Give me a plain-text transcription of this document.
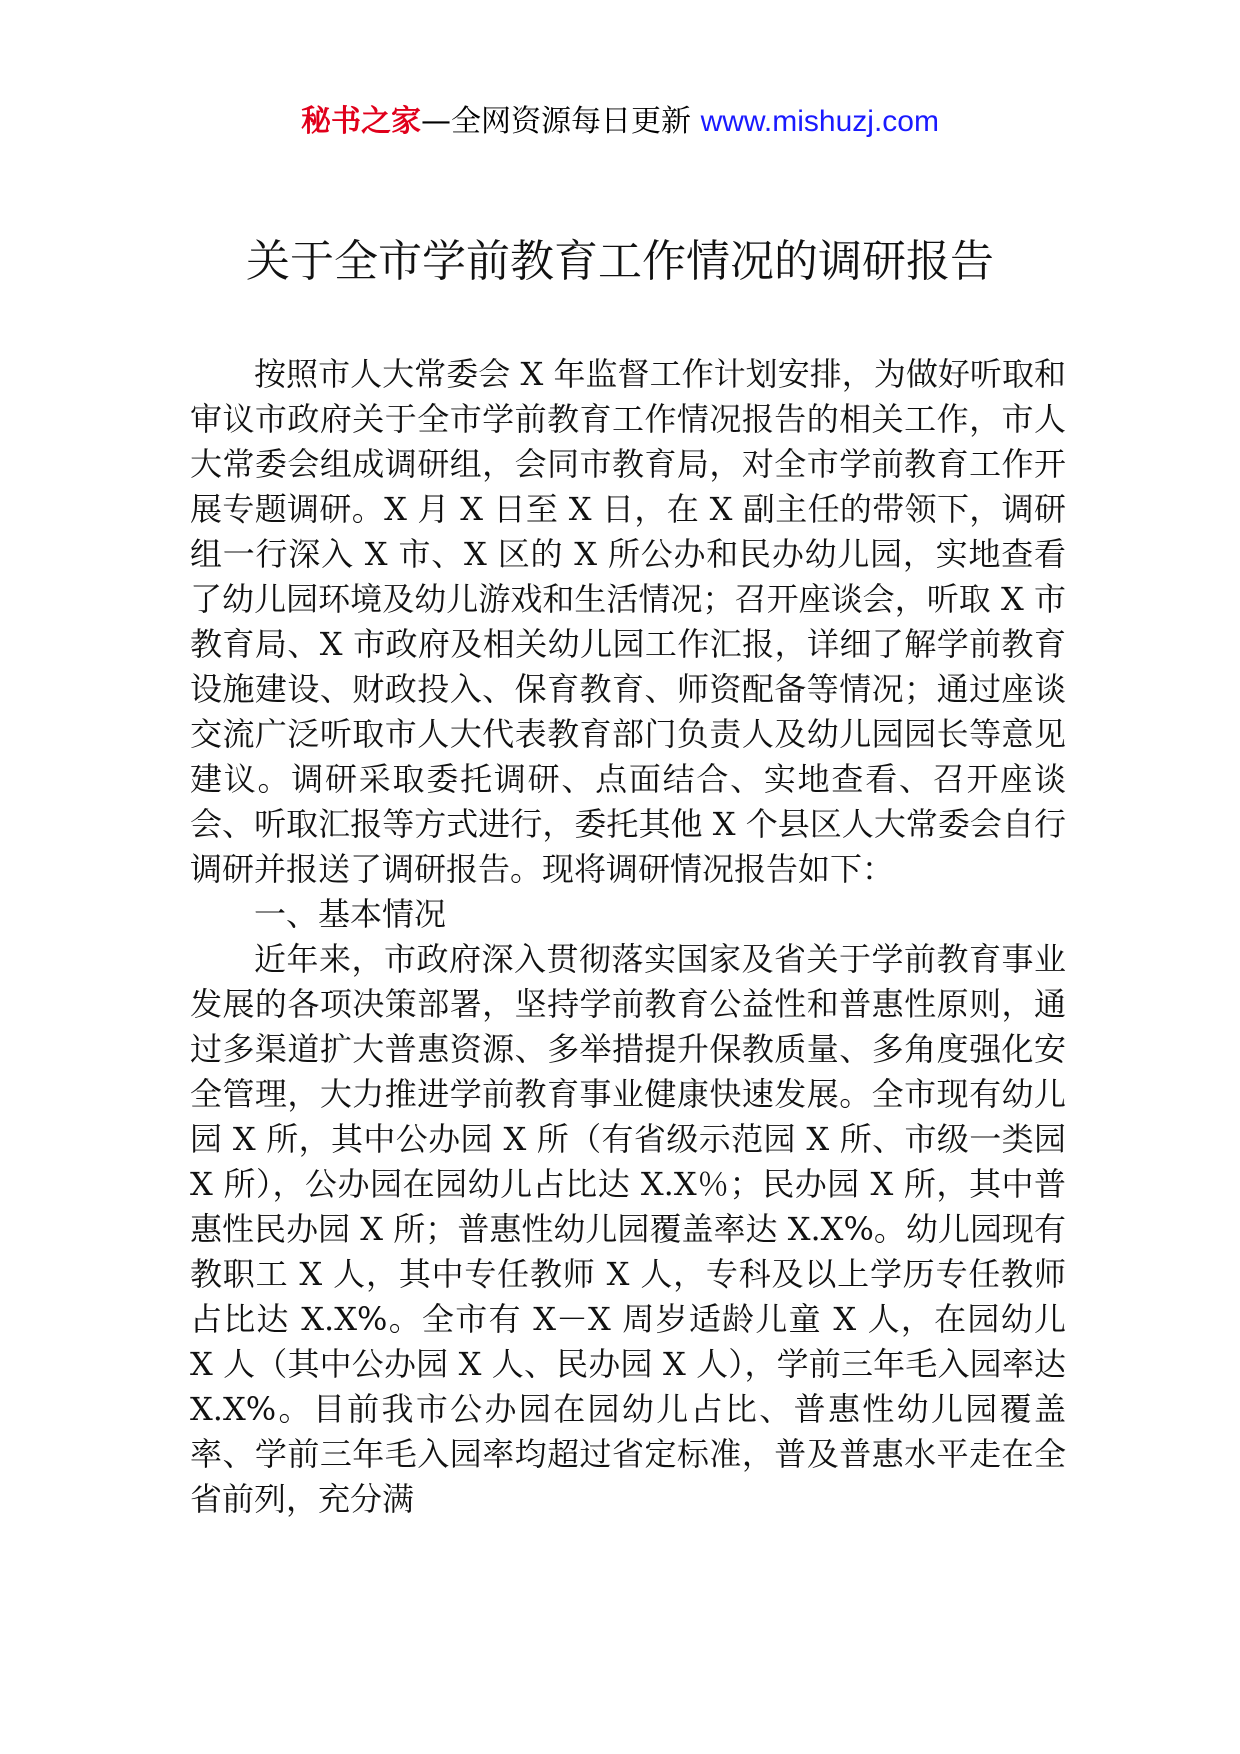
秘书之家—全网资源每日更新 www.mishuzj.com
关于全市学前教育工作情况的调研报告

按照市人大常委会 X 年监督工作计划安排，为做好听取和审议市政府关于全市学前教育工作情况报告的相关工作，市人大常委会组成调研组，会同市教育局，对全市学前教育工作开展专题调研。X 月 X 日至 X 日，在 X 副主任的带领下，调研组一行深入 X 市、X 区的 X 所公办和民办幼儿园，实地查看了幼儿园环境及幼儿游戏和生活情况；召开座谈会，听取 X 市教育局、X 市政府及相关幼儿园工作汇报，详细了解学前教育设施建设、财政投入、保育教育、师资配备等情况；通过座谈交流广泛听取市人大代表教育部门负责人及幼儿园园长等意见建议。调研采取委托调研、点面结合、实地查看、召开座谈会、听取汇报等方式进行，委托其他 X 个县区人大常委会自行调研并报送了调研报告。现将调研情况报告如下：

一、基本情况

近年来，市政府深入贯彻落实国家及省关于学前教育事业发展的各项决策部署，坚持学前教育公益性和普惠性原则，通过多渠道扩大普惠资源、多举措提升保教质量、多角度强化安全管理，大力推进学前教育事业健康快速发展。全市现有幼儿园 X 所，其中公办园 X 所（有省级示范园 X 所、市级一类园 X 所），公办园在园幼儿占比达 X.X％；民办园 X 所，其中普惠性民办园 X 所；普惠性幼儿园覆盖率达 X.X%。幼儿园现有教职工 X 人，其中专任教师 X 人，专科及以上学历专任教师占比达 X.X%。全市有 X－X 周岁适龄儿童 X 人，在园幼儿 X 人（其中公办园 X 人、民办园 X 人），学前三年毛入园率达 X.X%。目前我市公办园在园幼儿占比、普惠性幼儿园覆盖率、学前三年毛入园率均超过省定标准，普及普惠水平走在全省前列，充分满
